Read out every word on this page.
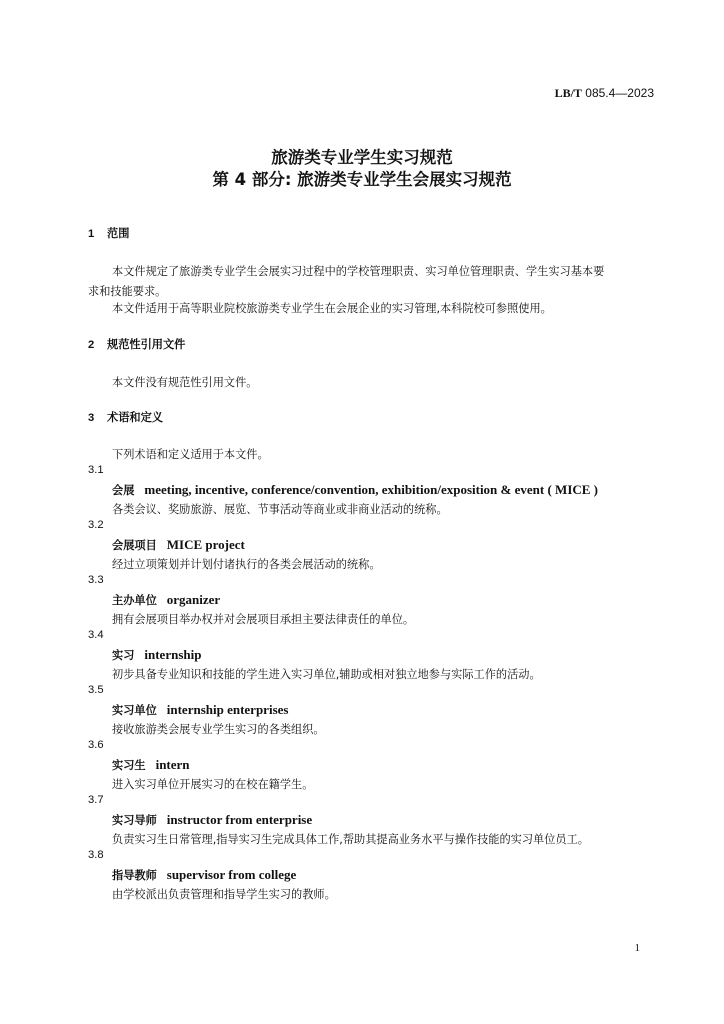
LB/T 085.4—2023
旅游类专业学生实习规范
第 4 部分: 旅游类专业学生会展实习规范
1 范围
本文件规定了旅游类专业学生会展实习过程中的学校管理职责、实习单位管理职责、学生实习基本要
求和技能要求。
本文件适用于高等职业院校旅游类专业学生在会展企业的实习管理,本科院校可参照使用。
2 规范性引用文件
本文件没有规范性引用文件。
3 术语和定义
下列术语和定义适用于本文件。
3.1
会展 meeting, incentive, conference/convention, exhibition/exposition & event ( MICE )
各类会议、奖励旅游、展览、节事活动等商业或非商业活动的统称。
3.2
会展项目 MICE project
经过立项策划并计划付诸执行的各类会展活动的统称。
3.3
主办单位 organizer
拥有会展项目举办权并对会展项目承担主要法律责任的单位。
3.4
实习 internship
初步具备专业知识和技能的学生进入实习单位,辅助或相对独立地参与实际工作的活动。
3.5
实习单位 internship enterprises
接收旅游类会展专业学生实习的各类组织。
3.6
实习生 intern
进入实习单位开展实习的在校在籍学生。
3.7
实习导师 instructor from enterprise
负责实习生日常管理,指导实习生完成具体工作,帮助其提高业务水平与操作技能的实习单位员工。
3.8
指导教师 supervisor from college
由学校派出负责管理和指导学生实习的教师。
1
